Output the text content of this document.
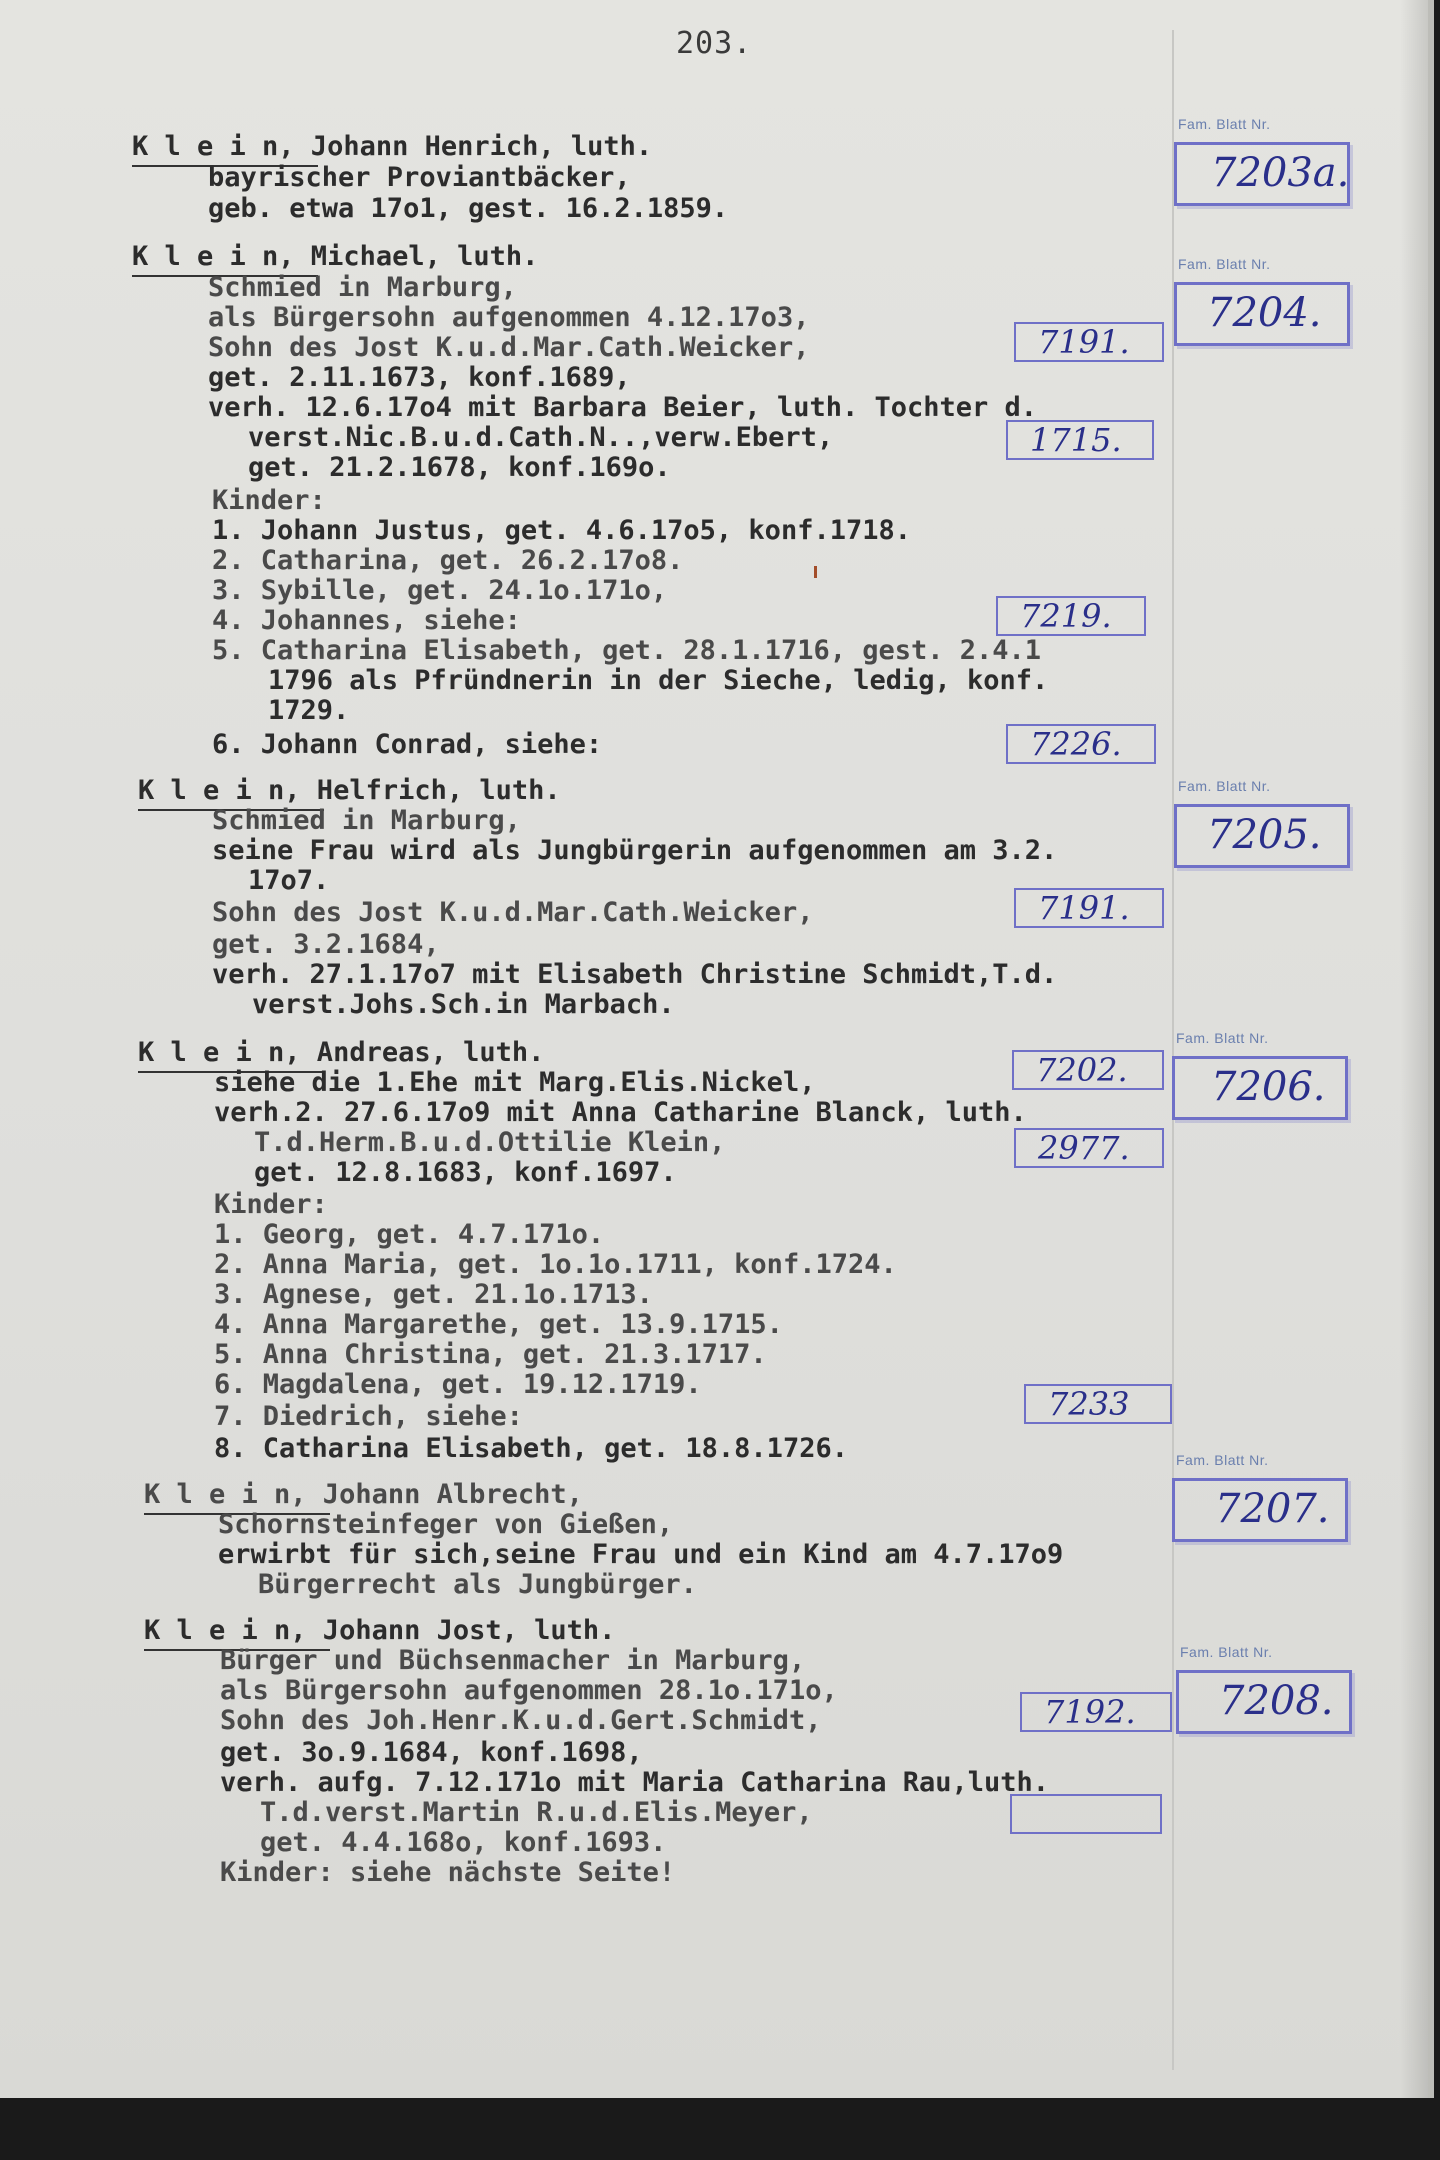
203.
K l e i n, Johann Henrich, luth.
bayrischer Proviantbäcker,
geb. etwa 17o1, gest. 16.2.1859.
Fam. Blatt Nr.
7203a.
K l e i n, Michael, luth.
Schmied in Marburg,
als Bürgersohn aufgenommen 4.12.17o3,
Sohn des Jost K.u.d.Mar.Cath.Weicker,
get. 2.11.1673, konf.1689,
verh. 12.6.17o4 mit Barbara Beier, luth. Tochter d.
verst.Nic.B.u.d.Cath.N..,verw.Ebert,
get. 21.2.1678, konf.169o.
Kinder:
1. Johann Justus, get. 4.6.17o5, konf.1718.
2. Catharina, get. 26.2.17o8.
3. Sybille, get. 24.1o.171o,
4. Johannes, siehe:
5. Catharina Elisabeth, get. 28.1.1716, gest. 2.4.1
1796 als Pfründnerin in der Sieche, ledig, konf.
1729.
6. Johann Conrad, siehe:
Fam. Blatt Nr.
7204.
7191.
1715.
7219.
7226.
K l e i n, Helfrich, luth.
Schmied in Marburg,
seine Frau wird als Jungbürgerin aufgenommen am 3.2.
17o7.
Sohn des Jost K.u.d.Mar.Cath.Weicker,
get. 3.2.1684,
verh. 27.1.17o7 mit Elisabeth Christine Schmidt,T.d.
verst.Johs.Sch.in Marbach.
Fam. Blatt Nr.
7205.
7191.
K l e i n, Andreas, luth.
siehe die 1.Ehe mit Marg.Elis.Nickel,
verh.2. 27.6.17o9 mit Anna Catharine Blanck, luth.
T.d.Herm.B.u.d.Ottilie Klein,
get. 12.8.1683, konf.1697.
Kinder:
1. Georg, get. 4.7.171o.
2. Anna Maria, get. 1o.1o.1711, konf.1724.
3. Agnese, get. 21.1o.1713.
4. Anna Margarethe, get. 13.9.1715.
5. Anna Christina, get. 21.3.1717.
6. Magdalena, get. 19.12.1719.
7. Diedrich, siehe:
8. Catharina Elisabeth, get. 18.8.1726.
Fam. Blatt Nr.
7206.
7202.
2977.
7233
K l e i n, Johann Albrecht,
Schornsteinfeger von Gießen,
erwirbt für sich,seine Frau und ein Kind am 4.7.17o9
Bürgerrecht als Jungbürger.
Fam. Blatt Nr.
7207.
K l e i n, Johann Jost, luth.
Bürger und Büchsenmacher in Marburg,
als Bürgersohn aufgenommen 28.1o.171o,
Sohn des Joh.Henr.K.u.d.Gert.Schmidt,
get. 3o.9.1684, konf.1698,
verh. aufg. 7.12.171o mit Maria Catharina Rau,luth.
T.d.verst.Martin R.u.d.Elis.Meyer,
get. 4.4.168o, konf.1693.
Kinder: siehe nächste Seite!
Fam. Blatt Nr.
7208.
7192.
